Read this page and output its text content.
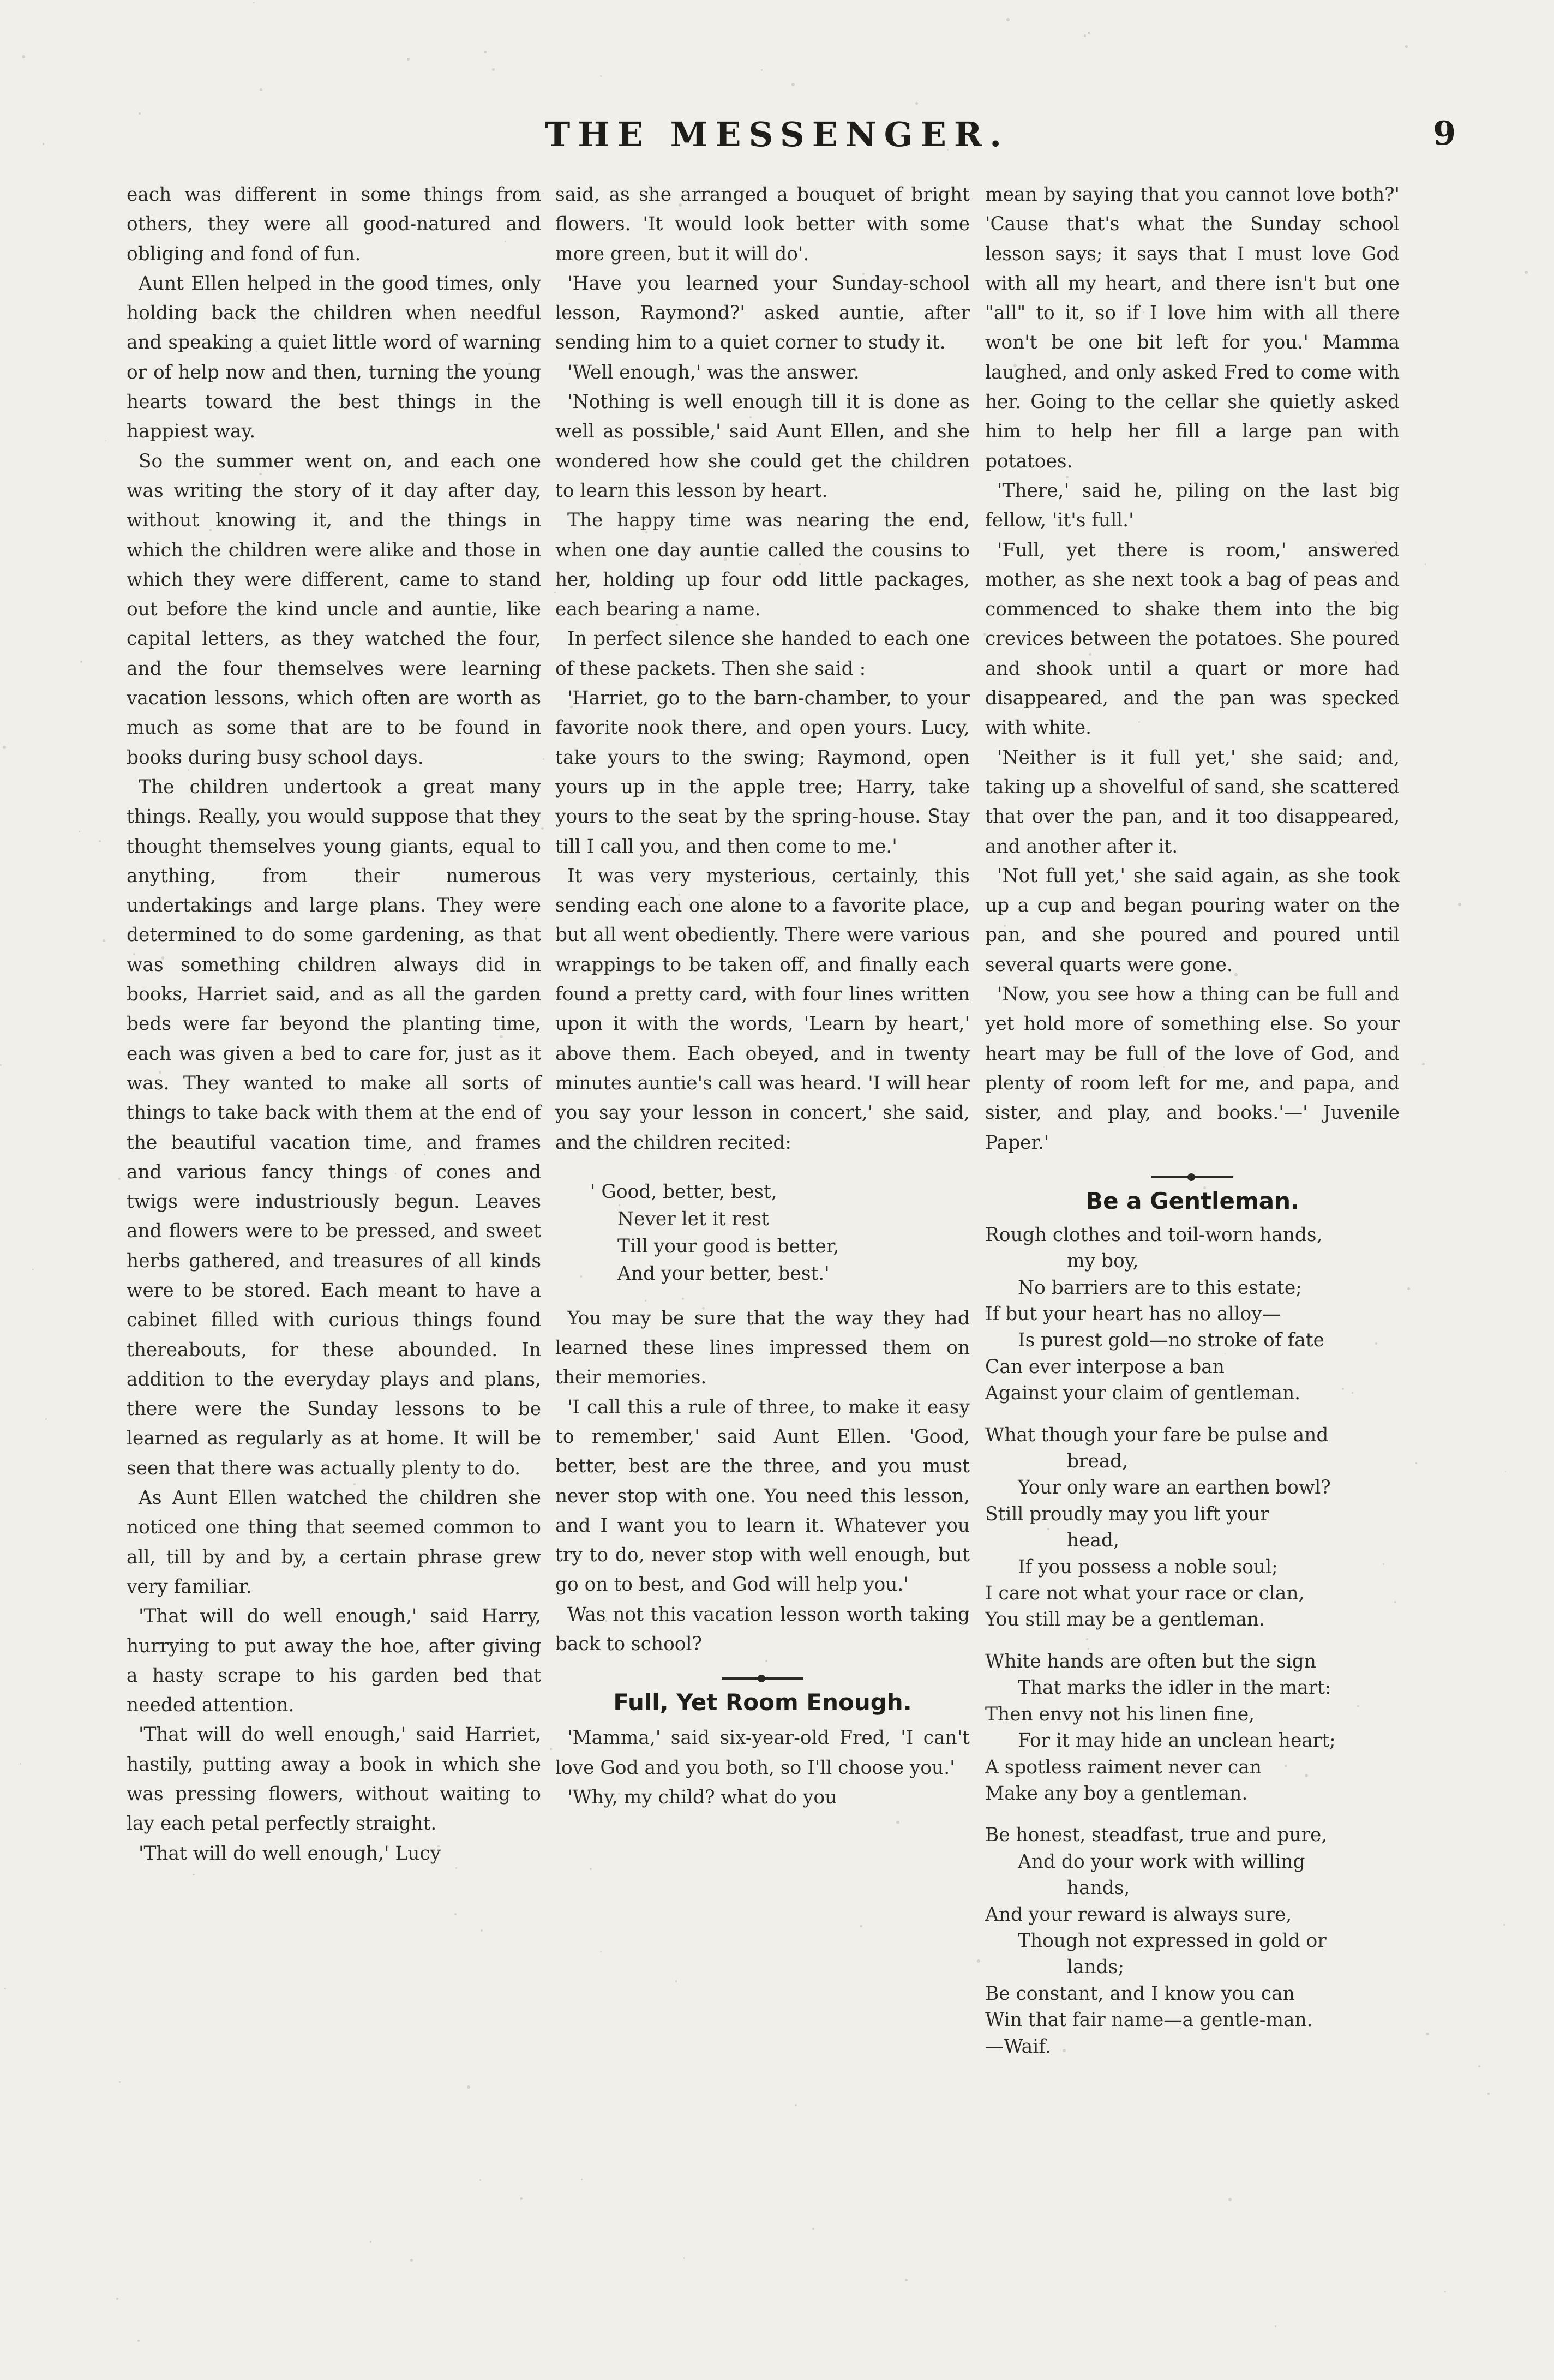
THE MESSENGER.	9

each was different in some things from others, they were all good-natured and obliging and fond of fun.

Aunt Ellen helped in the good times, only holding back the children when needful and speaking a quiet little word of warning or of help now and then, turning the young hearts toward the best things in the happiest way.

So the summer went on, and each one was writing the story of it day after day, without knowing it, and the things in which the children were alike and those in which they were different, came to stand out before the kind uncle and auntie, like capital letters, as they watched the four, and the four themselves were learning vacation lessons, which often are worth as much as some that are to be found in books during busy school days.

The children undertook a great many things. Really, you would suppose that they thought themselves young giants, equal to anything, from their numerous undertakings and large plans. They were determined to do some gardening, as that was something children always did in books, Harriet said, and as all the garden beds were far beyond the planting time, each was given a bed to care for, just as it was. They wanted to make all sorts of things to take back with them at the end of the beautiful vacation time, and frames and various fancy things of cones and twigs were industriously begun. Leaves and flowers were to be pressed, and sweet herbs gathered, and treasures of all kinds were to be stored. Each meant to have a cabinet filled with curious things found thereabouts, for these abounded. In addition to the everyday plays and plans, there were the Sunday lessons to be learned as regularly as at home. It will be seen that there was actually plenty to do.

As Aunt Ellen watched the children she noticed one thing that seemed common to all, till by and by, a certain phrase grew very familiar.

'That will do well enough,' said Harry, hurrying to put away the hoe, after giving a hasty scrape to his garden bed that needed attention.

'That will do well enough,' said Harriet, hastily, putting away a book in which she was pressing flowers, without waiting to lay each petal perfectly straight.

'That will do well enough,' Lucy

said, as she arranged a bouquet of bright flowers. 'It would look better with some more green, but it will do'.

'Have you learned your Sunday-school lesson, Raymond?' asked auntie, after sending him to a quiet corner to study it.

'Well enough,' was the answer.

'Nothing is well enough till it is done as well as possible,' said Aunt Ellen, and she wondered how she could get the children to learn this lesson by heart.

The happy time was nearing the end, when one day auntie called the cousins to her, holding up four odd little packages, each bearing a name.

In perfect silence she handed to each one of these packets. Then she said :

'Harriet, go to the barn-chamber, to your favorite nook there, and open yours. Lucy, take yours to the swing; Raymond, open yours up in the apple tree; Harry, take yours to the seat by the spring-house. Stay till I call you, and then come to me.'

It was very mysterious, certainly, this sending each one alone to a favorite place, but all went obediently. There were various wrappings to be taken off, and finally each found a pretty card, with four lines written upon it with the words, 'Learn by heart,' above them. Each obeyed, and in twenty minutes auntie's call was heard. 'I will hear you say your lesson in concert,' she said, and the children recited:

' Good, better, best,
Never let it rest
Till your good is better,
And your better, best.'

You may be sure that the way they had learned these lines impressed them on their memories.

'I call this a rule of three, to make it easy to remember,' said Aunt Ellen. 'Good, better, best are the three, and you must never stop with one. You need this lesson, and I want you to learn it. Whatever you try to do, never stop with well enough, but go on to best, and God will help you.'

Was not this vacation lesson worth taking back to school?

Full, Yet Room Enough.

'Mamma,' said six-year-old Fred, 'I can't love God and you both, so I'll choose you.'

'Why, my child? what do you

mean by saying that you cannot love both?' 'Cause that's what the Sunday school lesson says; it says that I must love God with all my heart, and there isn't but one "all" to it, so if I love him with all there won't be one bit left for you.' Mamma laughed, and only asked Fred to come with her. Going to the cellar she quietly asked him to help her fill a large pan with potatoes.

'There,' said he, piling on the last big fellow, 'it's full.'

'Full, yet there is room,' answered mother, as she next took a bag of peas and commenced to shake them into the big crevices between the potatoes. She poured and shook until a quart or more had disappeared, and the pan was specked with white.

'Neither is it full yet,' she said; and, taking up a shovelful of sand, she scattered that over the pan, and it too disappeared, and another after it.

'Not full yet,' she said again, as she took up a cup and began pouring water on the pan, and she poured and poured until several quarts were gone.

'Now, you see how a thing can be full and yet hold more of something else. So your heart may be full of the love of God, and plenty of room left for me, and papa, and sister, and play, and books.'—' Juvenile Paper.'

Be a Gentleman.
Rough clothes and toil-worn hands,
my boy,
No barriers are to this estate;
If but your heart has no alloy—
Is purest gold—no stroke of fate
Can ever interpose a ban
Against your claim of gentleman.
What though your fare be pulse and
bread,
Your only ware an earthen bowl?
Still proudly may you lift your
head,
If you possess a noble soul;
I care not what your race or clan,
You still may be a gentleman.
White hands are often but the sign
That marks the idler in the mart:
Then envy not his linen fine,
For it may hide an unclean heart;
A spotless raiment never can
Make any boy a gentleman.
Be honest, steadfast, true and pure,
And do your work with willing
hands,
And your reward is always sure,
Though not expressed in gold or
lands;
Be constant, and I know you can
Win that fair name—a gentle-man.
—Waif.
